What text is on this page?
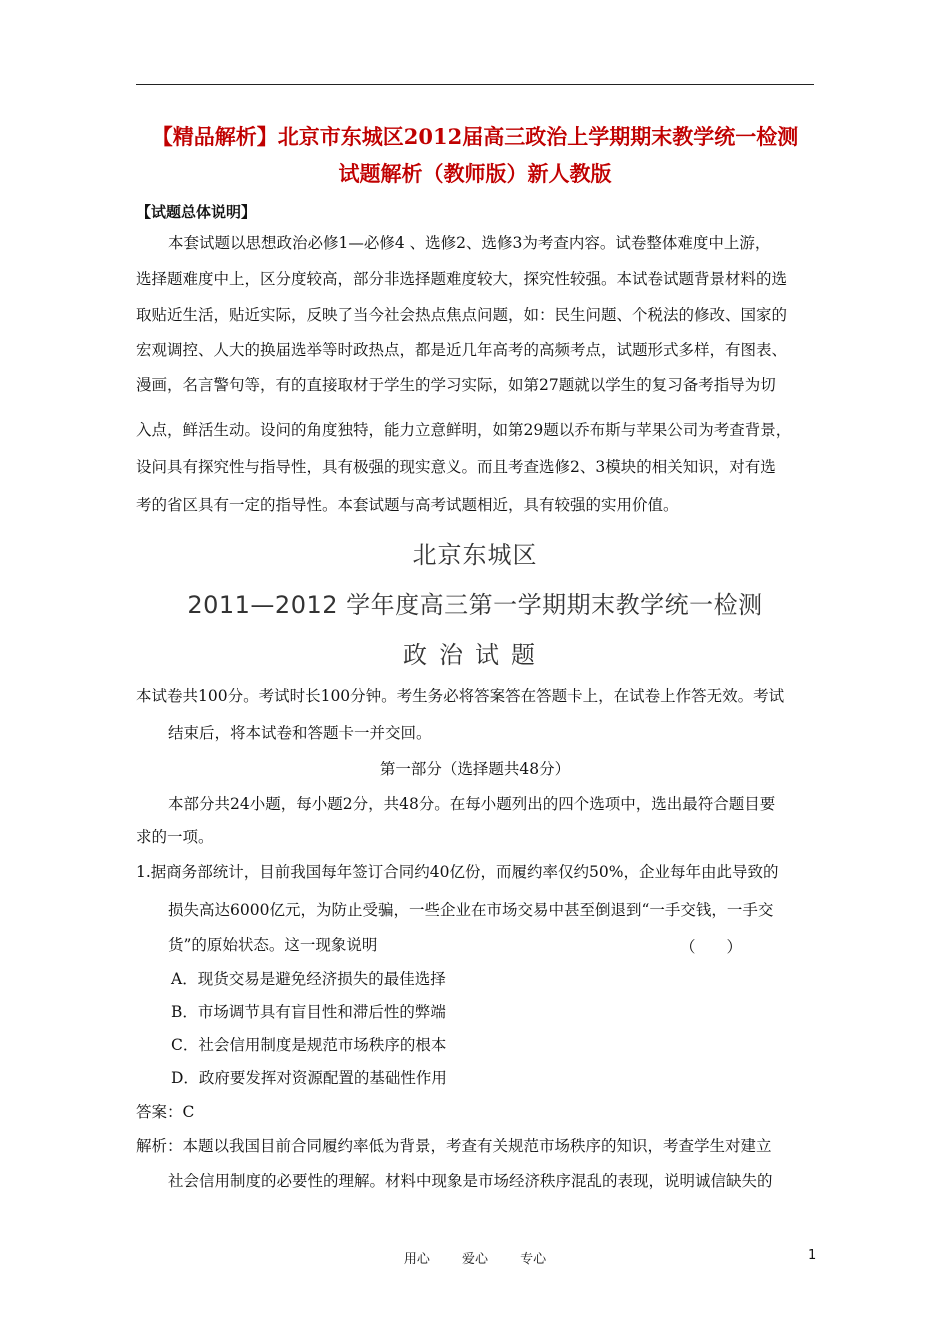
【精品解析】北京市东城区2012届高三政治上学期期末教学统一检测
试题解析（教师版）新人教版
【试题总体说明】
本套试题以思想政治必修1—必修4 、选修2、选修3为考查内容。试卷整体难度中上游，
选择题难度中上，区分度较高，部分非选择题难度较大，探究性较强。本试卷试题背景材料的选
取贴近生活，贴近实际，反映了当今社会热点焦点问题，如：民生问题、个税法的修改、国家的
宏观调控、人大的换届选举等时政热点，都是近几年高考的高频考点，试题形式多样，有图表、
漫画，名言警句等，有的直接取材于学生的学习实际，如第27题就以学生的复习备考指导为切
入点，鲜活生动。设问的角度独特，能力立意鲜明，如第29题以乔布斯与苹果公司为考查背景，
设问具有探究性与指导性，具有极强的现实意义。而且考查选修2、3模块的相关知识，对有选
考的省区具有一定的指导性。本套试题与高考试题相近，具有较强的实用价值。
北京东城区
2011—2012 学年度高三第一学期期末教学统一检测
政治试题
本试卷共100分。考试时长100分钟。考生务必将答案答在答题卡上，在试卷上作答无效。考试
结束后，将本试卷和答题卡一并交回。
第一部分（选择题共48分）
本部分共24小题，每小题2分，共48分。在每小题列出的四个选项中，选出最符合题目要
求的一项。
1.据商务部统计，目前我国每年签订合同约40亿份，而履约率仅约50%，企业每年由此导致的
损失高达6000亿元，为防止受骗，一些企业在市场交易中甚至倒退到“一手交钱，一手交
货”的原始状态。这一现象说明	（　　）
A．现货交易是避免经济损失的最佳选择
B．市场调节具有盲目性和滞后性的弊端
C．社会信用制度是规范市场秩序的根本
D．政府要发挥对资源配置的基础性作用
答案：C
解析：本题以我国目前合同履约率低为背景，考查有关规范市场秩序的知识，考查学生对建立
社会信用制度的必要性的理解。材料中现象是市场经济秩序混乱的表现，说明诚信缺失的
用心 爱心 专心	1
